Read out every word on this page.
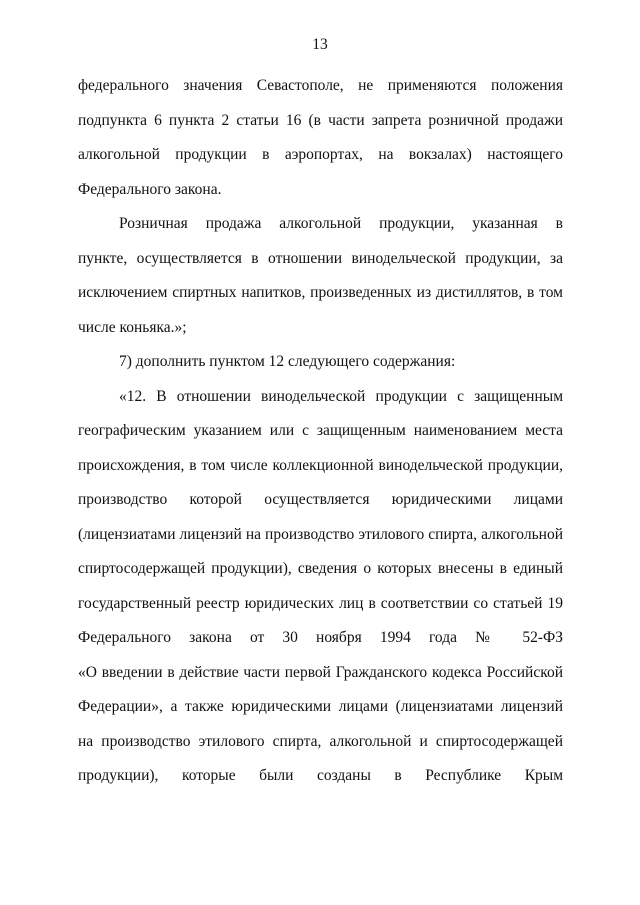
13
федерального значения Севастополе, не применяются положения
подпункта 6 пункта 2 статьи 16 (в части запрета розничной продажи
алкогольной продукции в аэропортах, на вокзалах) настоящего
Федерального закона.
Розничная продажа алкогольной продукции, указанная в
пункте, осуществляется в отношении винодельческой продукции, за
исключением спиртных напитков, произведенных из дистиллятов, в том
числе коньяка.»;
7) дополнить пунктом 12 следующего содержания:
«12. В отношении винодельческой продукции с защищенным
географическим указанием или с защищенным наименованием места
происхождения, в том числе коллекционной винодельческой продукции,
производство которой осуществляется юридическими лицами
(лицензиатами лицензий на производство этилового спирта, алкогольной
спиртосодержащей продукции), сведения о которых внесены в единый
государственный реестр юридических лиц в соответствии со статьей 19
Федерального закона от 30 ноября 1994 года № 52-ФЗ
«О введении в действие части первой Гражданского кодекса Российской
Федерации», а также юридическими лицами (лицензиатами лицензий
на производство этилового спирта, алкогольной и спиртосодержащей
продукции), которые были созданы в Республике Крым
